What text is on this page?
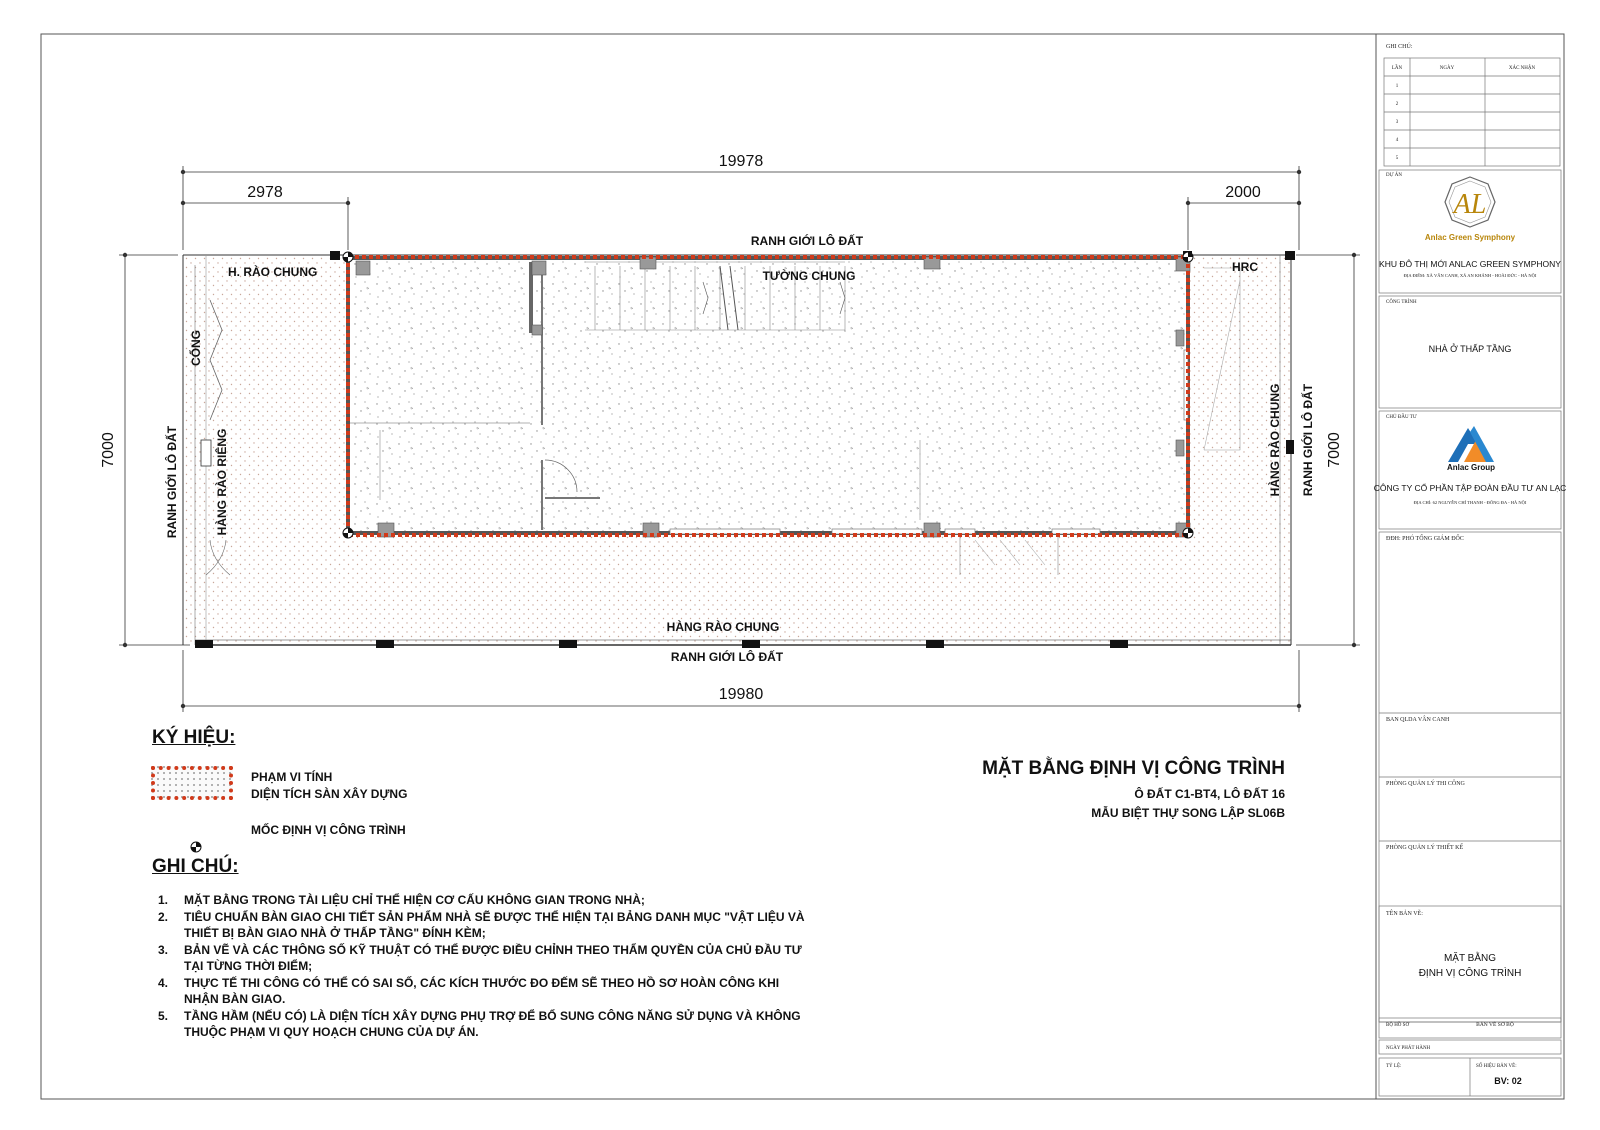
19978
2978	2000
19980
7000	7000
RANH GIỚI LÔ ĐẤT
H. RÀO CHUNG	TƯỜNG CHUNG
HRC
CỔNG
RANH GIỚI LÔ ĐẤT	HÀNG RÀO RIÊNG	HÀNG RÀO CHUNG RANH GIỚI LÔ ĐẤT
HÀNG RÀO CHUNG
RANH GIỚI LÔ ĐẤT
GHI CHÚ:
LẦN	NGÀY	XÁC NHẬN
1
2
3
4
5
DỰ ÁN
AL
Anlac Green Symphony
KHU ĐÔ THỊ MỚI ANLAC GREEN SYMPHONY
ĐỊA ĐIỂM: XÃ VÂN CANH, XÃ AN KHÁNH - HOÀI ĐỨC - HÀ NỘI
CÔNG TRÌNH
NHÀ Ở THẤP TẦNG
CHỦ ĐẦU TƯ
Anlac Group
CÔNG TY CỔ PHẦN TẬP ĐOÀN ĐẦU TƯ AN LẠC
ĐỊA CHỈ: 62 NGUYỄN CHÍ THANH - ĐỐNG ĐA - HÀ NỘI
ĐĐH: PHÓ TỔNG GIÁM ĐỐC
BAN QLDA VÂN CANH
PHÒNG QUẢN LÝ THI CÔNG
PHÒNG QUẢN LÝ THIẾT KẾ
TÊN BẢN VẼ:
MẶT BẰNG
ĐỊNH VỊ CÔNG TRÌNH
BỘ HỒ SƠ	BẢN VẼ SƠ BỘ
NGÀY PHÁT HÀNH
TỶ LỆ:	SỐ HIỆU BẢN VẼ:
BV: 02
KÝ HIỆU:
PHẠM VI TÍNH
DIỆN TÍCH SÀN XÂY DỰNG
MỐC ĐỊNH VỊ CÔNG TRÌNH
GHI CHÚ:
1.	MẶT BẰNG TRONG TÀI LIỆU CHỈ THỂ HIỆN CƠ CẤU KHÔNG GIAN TRONG NHÀ;
2.	TIÊU CHUẨN BÀN GIAO CHI TIẾT SẢN PHẨM NHÀ SẼ ĐƯỢC THỂ HIỆN TẠI BẢNG DANH MỤC "VẬT LIỆU VÀ THIẾT BỊ BÀN GIAO NHÀ Ở THẤP TẦNG" ĐÍNH KÈM;
3.	BẢN VẼ VÀ CÁC THÔNG SỐ KỸ THUẬT CÓ THỂ ĐƯỢC ĐIỀU CHỈNH THEO THẨM QUYỀN CỦA CHỦ ĐẦU TƯ TẠI TỪNG THỜI ĐIỂM;
4.	THỰC TẾ THI CÔNG CÓ THỂ CÓ SAI SỐ, CÁC KÍCH THƯỚC ĐO ĐẾM SẼ THEO HỒ SƠ HOÀN CÔNG KHI NHẬN BÀN GIAO.
5.	TẦNG HẦM (NẾU CÓ) LÀ DIỆN TÍCH XÂY DỰNG PHỤ TRỢ ĐỂ BỔ SUNG CÔNG NĂNG SỬ DỤNG VÀ KHÔNG THUỘC PHẠM VI QUY HOẠCH CHUNG CỦA DỰ ÁN.
MẶT BẰNG ĐỊNH VỊ CÔNG TRÌNH
Ô ĐẤT C1-BT4, LÔ ĐẤT 16
MẪU BIỆT THỰ SONG LẬP SL06B
